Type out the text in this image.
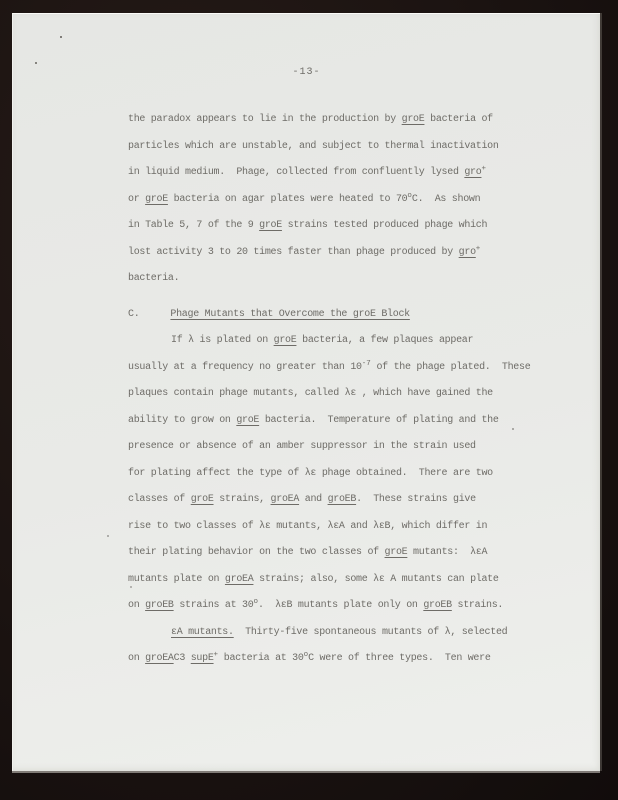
-13-
the paradox appears to lie in the production by groE bacteria of
particles which are unstable, and subject to thermal inactivation
in liquid medium.  Phage, collected from confluently lysed gro+
or groE bacteria on agar plates were heated to 70$^o$C.  As shown
in Table 5, 7 of the 9 groE strains tested produced phage which
lost activity 3 to 20 times faster than phage produced by gro+
bacteria.
C.	Phage Mutants that Overcome the groE Block
If λ is plated on groE bacteria, a few plaques appear
usually at a frequency no greater than $10^{-7}$ of the phage plated.  These
plaques contain phage mutants, called λε , which have gained the
ability to grow on groE bacteria.  Temperature of plating and the
presence or absence of an amber suppressor in the strain used
for plating affect the type of λε phage obtained.  There are two
classes of groE strains, groEA and groEB.  These strains give
rise to two classes of λε mutants, λεA and λεB, which differ in
their plating behavior on the two classes of groE mutants:  λεA
mutants plate on groEA strains; also, some λε A mutants can plate
on groEB strains at 30$^o$.  λεB mutants plate only on groEB strains.
εA mutants.  Thirty-five spontaneous mutants of λ, selected
on groEAC3 supE+ bacteria at 30$^o$C were of three types.  Ten were
